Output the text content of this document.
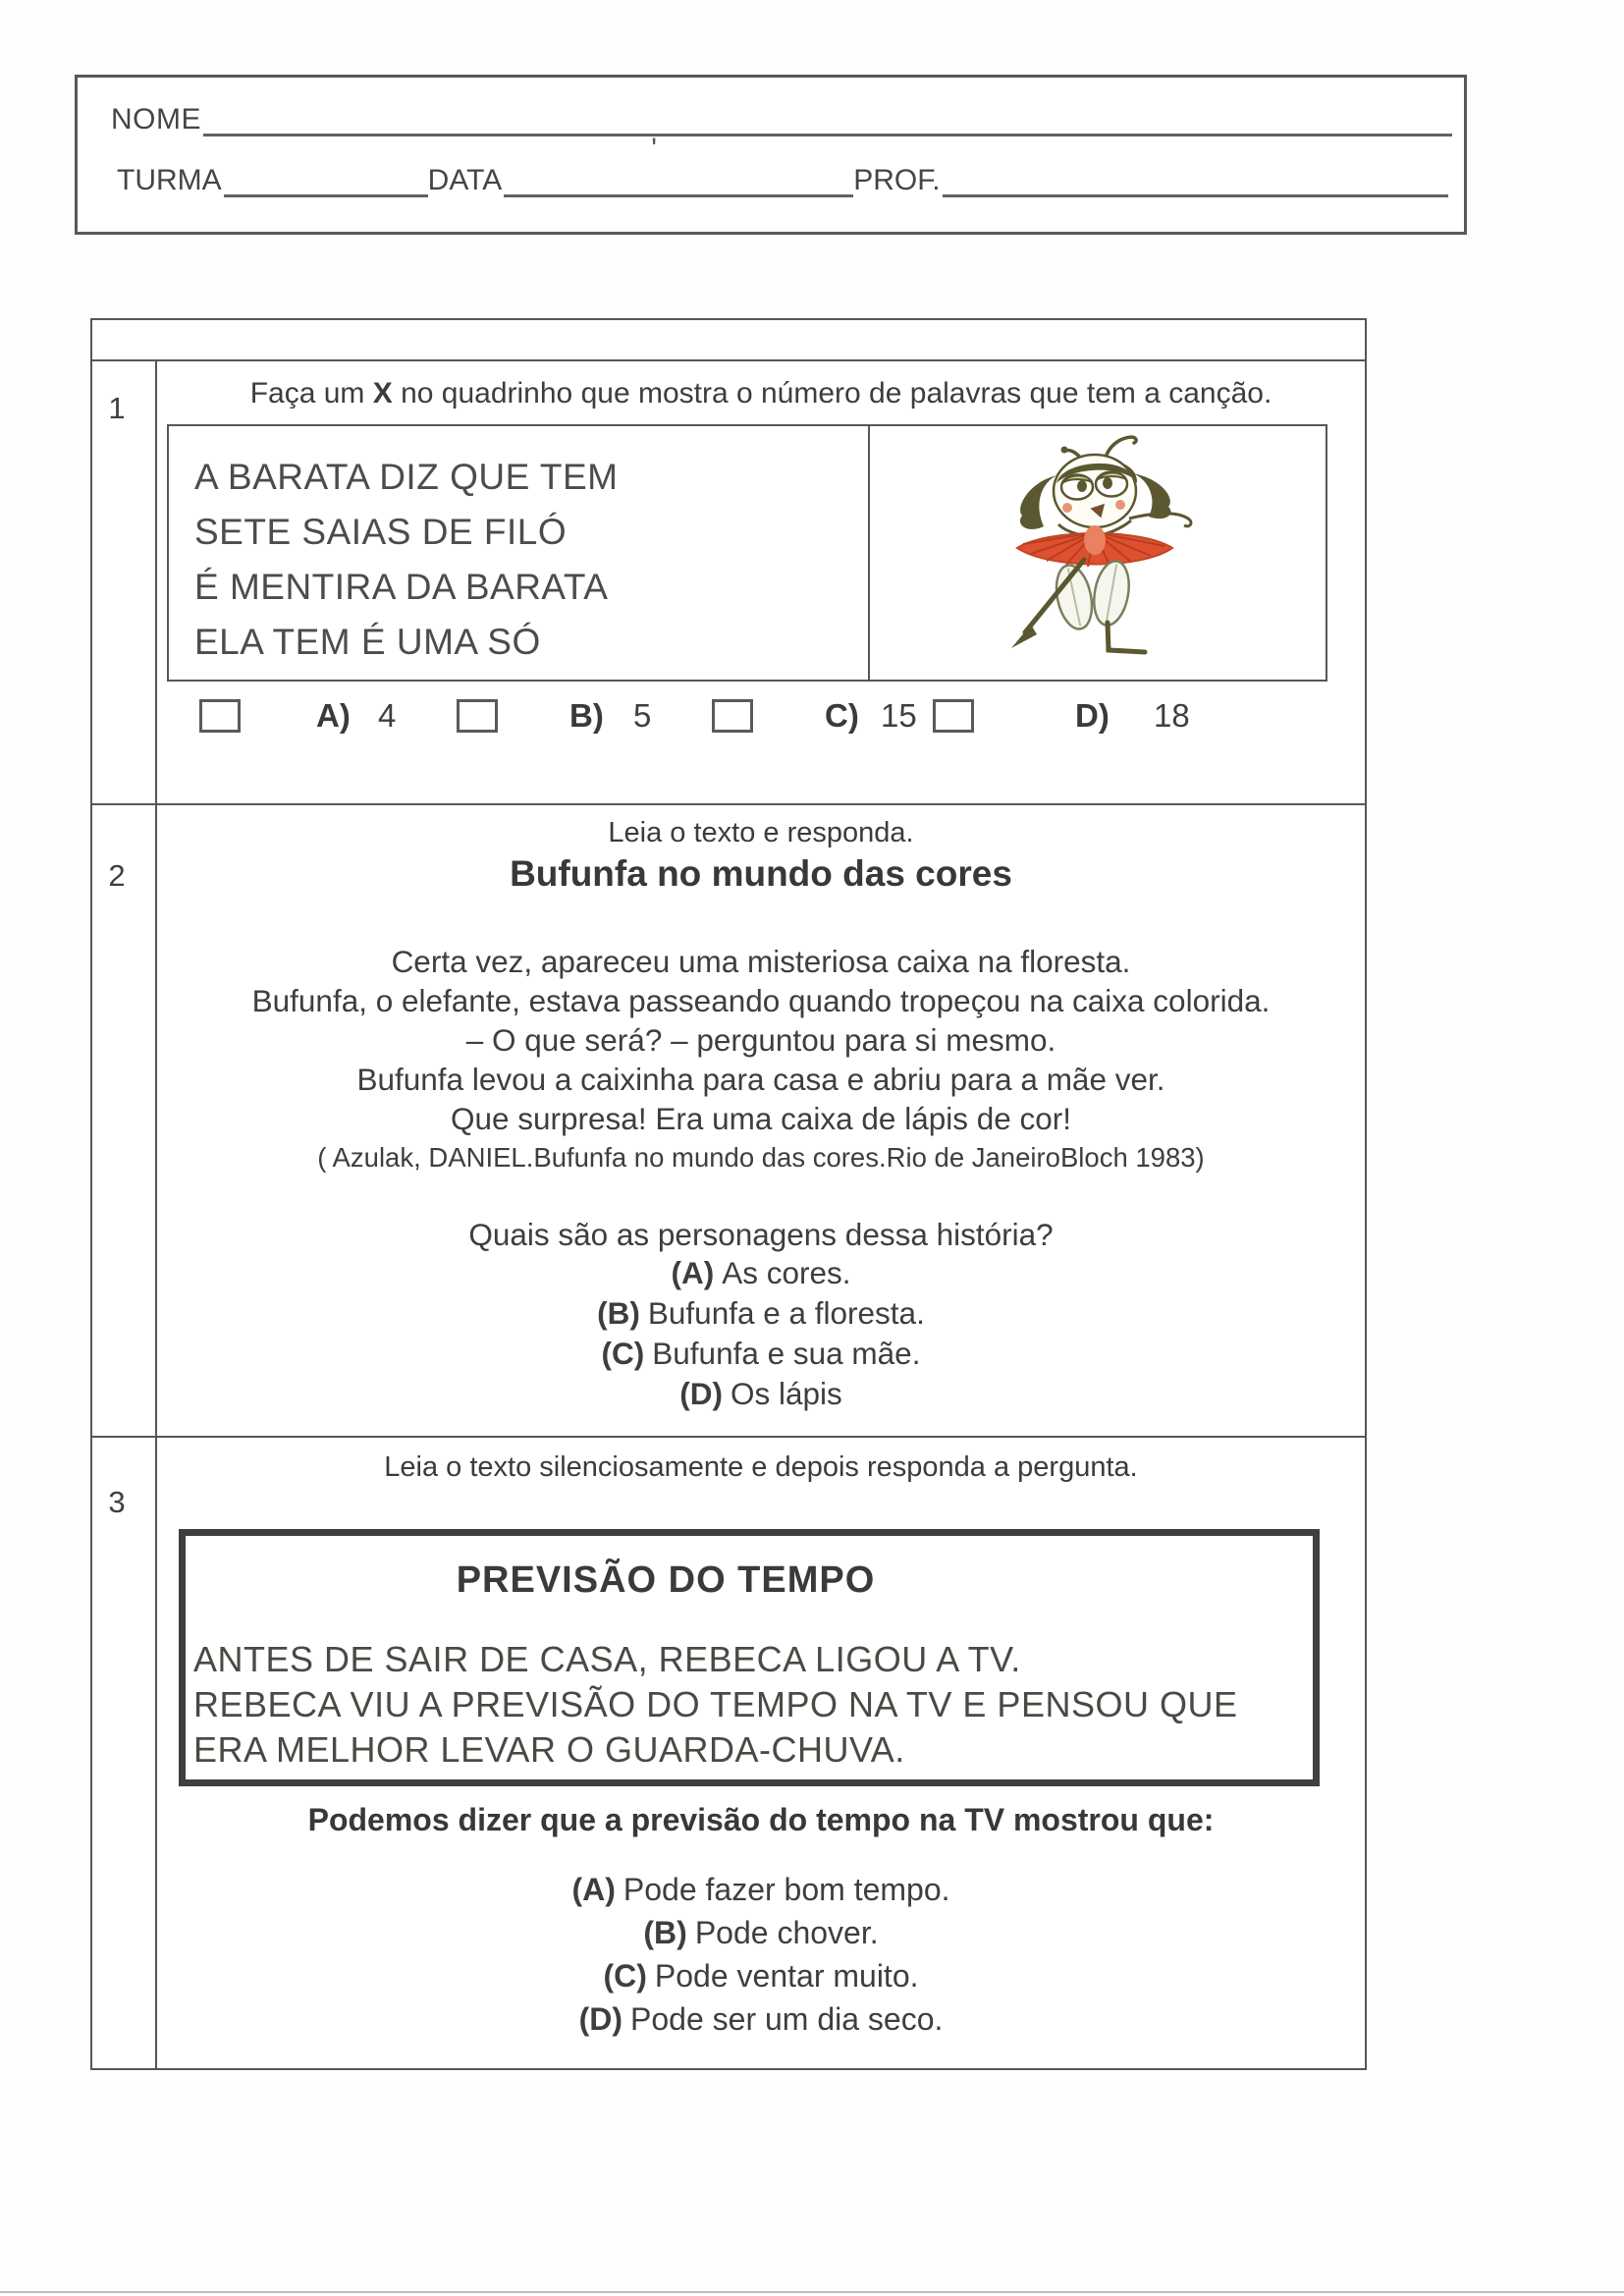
NOME
TURMA	DATA
'
PROF.
1	Faça um X no quadrinho que mostra o número de palavras que tem a canção.
A BARATA DIZ QUE TEM
SETE SAIAS DE FILÓ
É MENTIRA DA BARATA
ELA TEM É UMA SÓ
A) 4	B) 5	C) 15	D) 18
2
Leia o texto e responda.
Bufunfa no mundo das cores
Certa vez, apareceu uma misteriosa caixa na floresta.
Bufunfa, o elefante, estava passeando quando tropeçou na caixa colorida.
– O que será? – perguntou para si mesmo.
Bufunfa levou a caixinha para casa e abriu para a mãe ver.
Que surpresa! Era uma caixa de lápis de cor!
( Azulak, DANIEL.Bufunfa no mundo das cores.Rio de JaneiroBloch 1983)
Quais são as personagens dessa história?
(A) As cores.
(B) Bufunfa e a floresta.
(C) Bufunfa e sua mãe.
(D) Os lápis
3
Leia o texto silenciosamente e depois responda a pergunta.
PREVISÃO DO TEMPO
ANTES DE SAIR DE CASA, REBECA LIGOU A TV.
REBECA VIU A PREVISÃO DO TEMPO NA TV E PENSOU QUE
ERA MELHOR LEVAR O GUARDA-CHUVA.
Podemos dizer que a previsão do tempo na TV mostrou que:
(A) Pode fazer bom tempo.
(B) Pode chover.
(C) Pode ventar muito.
(D) Pode ser um dia seco.
